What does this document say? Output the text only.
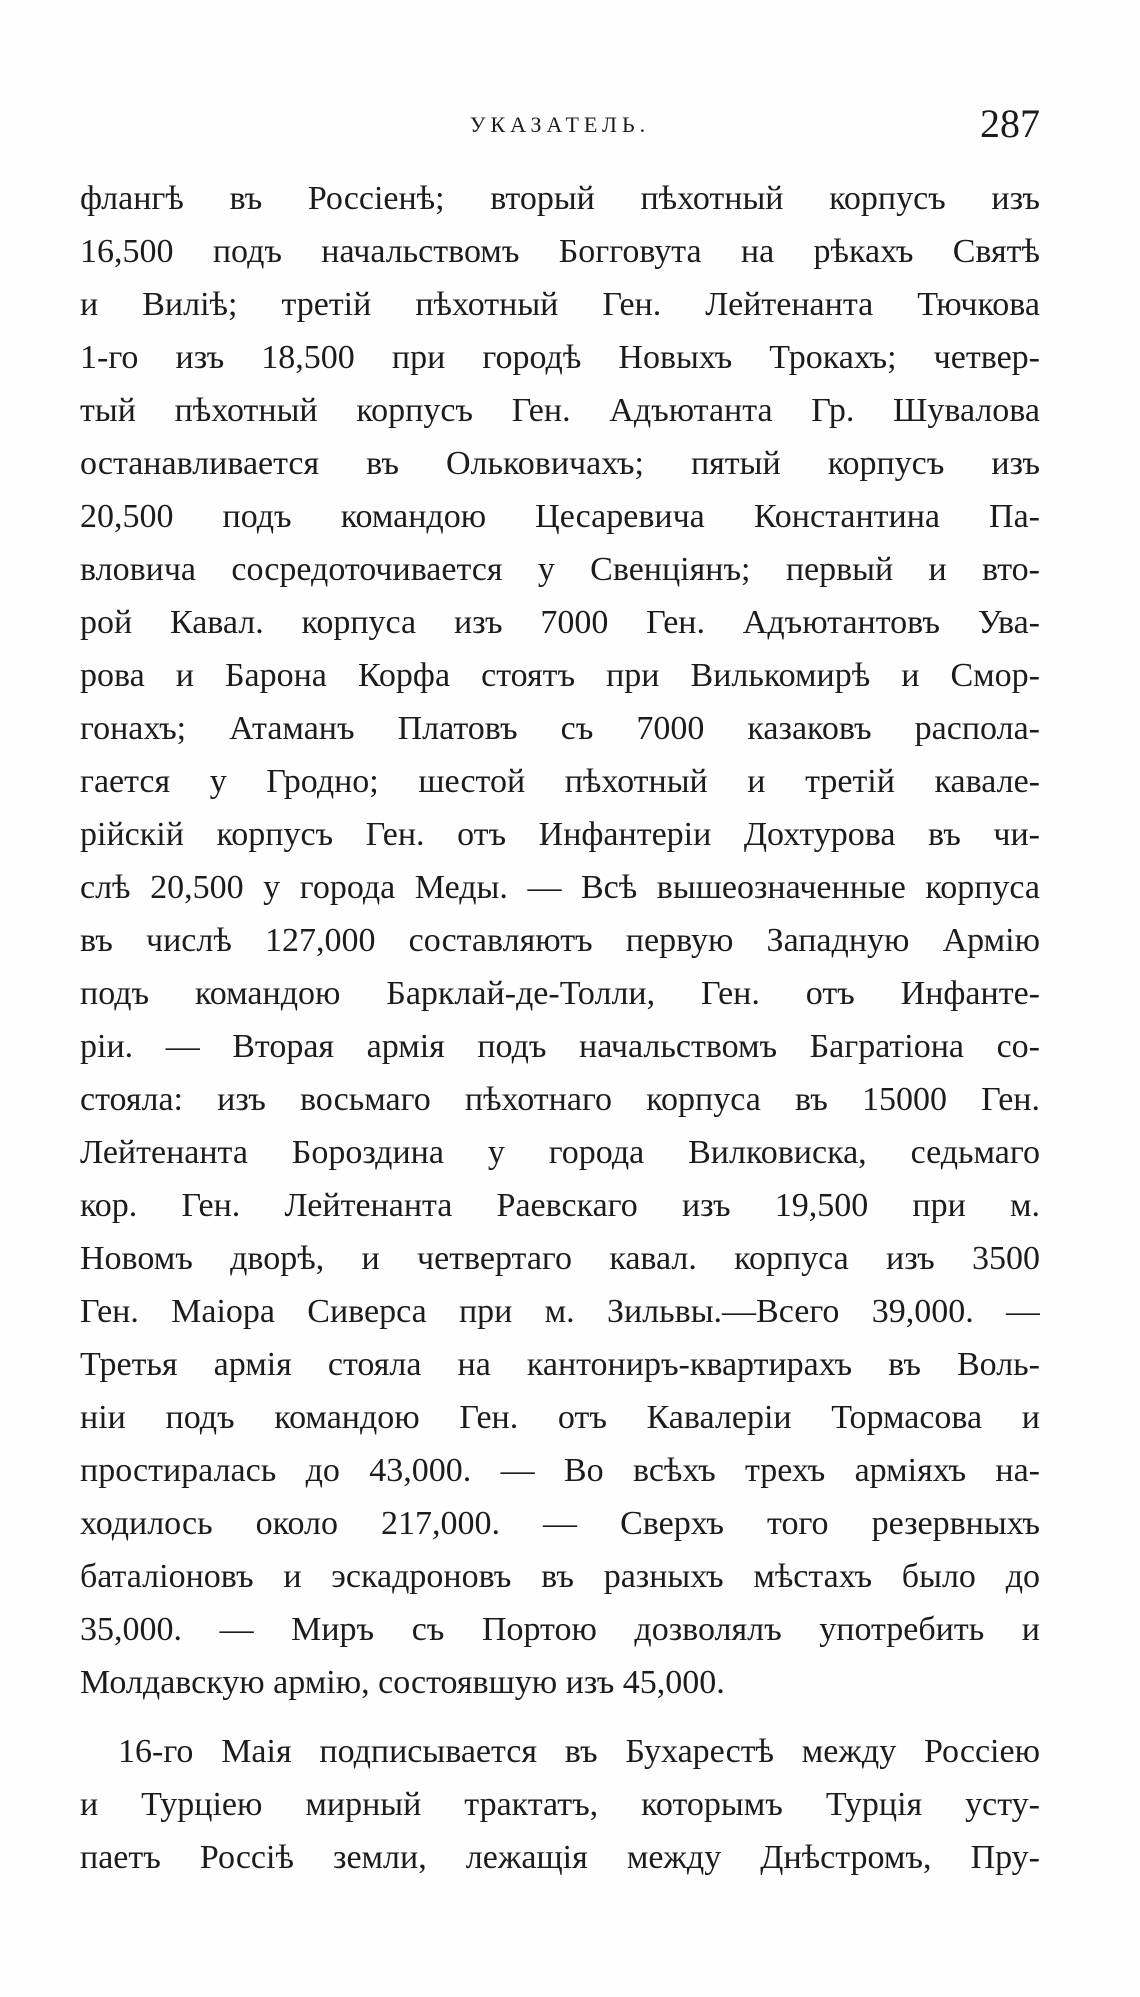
УКАЗАТЕЛЬ.	287
флангѣ въ Россіенѣ; вторый пѣхотный корпусъ изъ
16,500 подъ начальствомъ Богговута на рѣкахъ Святѣ
и Виліѣ; третій пѣхотный Ген. Лейтенанта Тючкова
1-го изъ 18,500 при городѣ Новыхъ Трокахъ; четвер-
тый пѣхотный корпусъ Ген. Адъютанта Гр. Шувалова
останавливается въ Ольковичахъ; пятый корпусъ изъ
20,500 подъ командою Цесаревича Константина Па-
вловича сосредоточивается у Свенціянъ; первый и вто-
рой Кавал. корпуса изъ 7000 Ген. Адъютантовъ Ува-
рова и Барона Корфа стоятъ при Вилькомирѣ и Смор-
гонахъ; Атаманъ Платовъ съ 7000 казаковъ распола-
гается у Гродно; шестой пѣхотный и третій кавале-
рійскій корпусъ Ген. отъ Инфантеріи Дохтурова въ чи-
слѣ 20,500 у города Меды. — Всѣ вышеозначенные корпуса
въ числѣ 127,000 составляютъ первую Западную Армію
подъ командою Барклай-де-Толли, Ген. отъ Инфанте-
ріи. — Вторая армія подъ начальствомъ Багратіона со-
стояла: изъ восьмаго пѣхотнаго корпуса въ 15000 Ген.
Лейтенанта Бороздина у города Вилковиска, седьмаго
кор. Ген. Лейтенанта Раевскаго изъ 19,500 при м.
Новомъ дворѣ, и четвертаго кавал. корпуса изъ 3500
Ген. Маіора Сиверса при м. Зильвы.—Всего 39,000. —
Третья армія стояла на кантониръ-квартирахъ въ Воль-
ніи подъ командою Ген. отъ Кавалеріи Тормасова и
простиралась до 43,000. — Во всѣхъ трехъ арміяхъ на-
ходилось около 217,000. — Сверхъ того резервныхъ
баталіоновъ и эскадроновъ въ разныхъ мѣстахъ было до
35,000. — Миръ съ Портою дозволялъ употребить и
Молдавскую армію, состоявшую изъ 45,000.
16-го Маія подписывается въ Бухарестѣ между Россіею
и Турціею мирный трактатъ, которымъ Турція усту-
паетъ Россіѣ земли, лежащія между Днѣстромъ, Пру-
